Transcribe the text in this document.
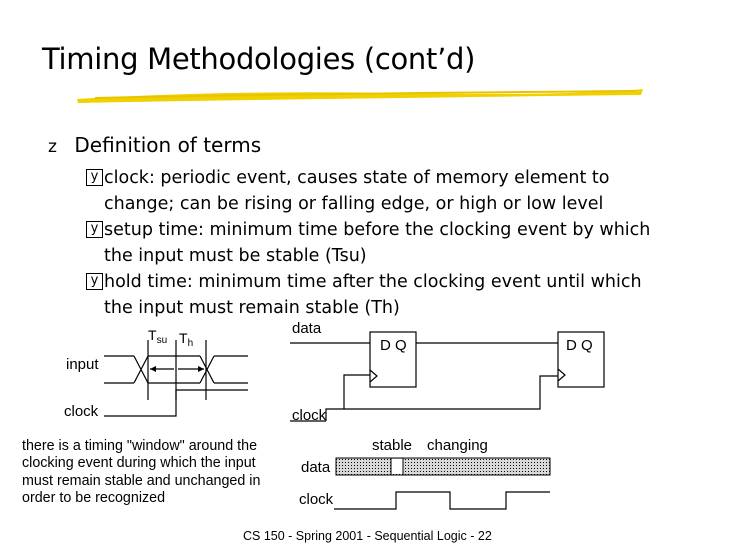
Timing Methodologies (cont’d)
z Definition of terms
y clock: periodic event, causes state of memory element to
change; can be rising or falling edge, or high or low level
y setup time: minimum time before the clocking event by which
the input must be stable (Tsu)
y hold time: minimum time after the clocking event until which
the input must remain stable (Th)
$T_{su}$ $T_h$
input
clock
data
D Q	D Q
clock
stable changing
data
clock
there is a timing "window" around the clocking event during which the input must remain stable and unchanged in order to be recognized
CS 150 - Spring 2001 - Sequential Logic - 22
